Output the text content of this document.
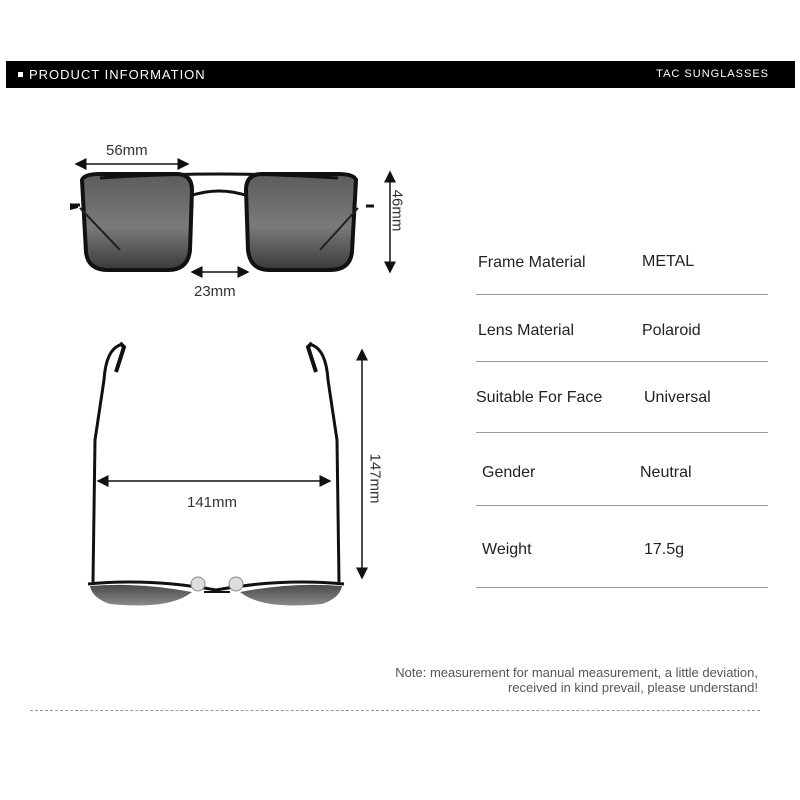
PRODUCT INFORMATION	TAC SUNGLASSES
56mm
46mm
23mm
141mm	147mm
Frame Material	METAL
Lens Material	Polaroid
Suitable For Face	Universal
Gender	Neutral
Weight	17.5g
Note: measurement for manual measurement, a little deviation,
received in kind prevail, please understand!
